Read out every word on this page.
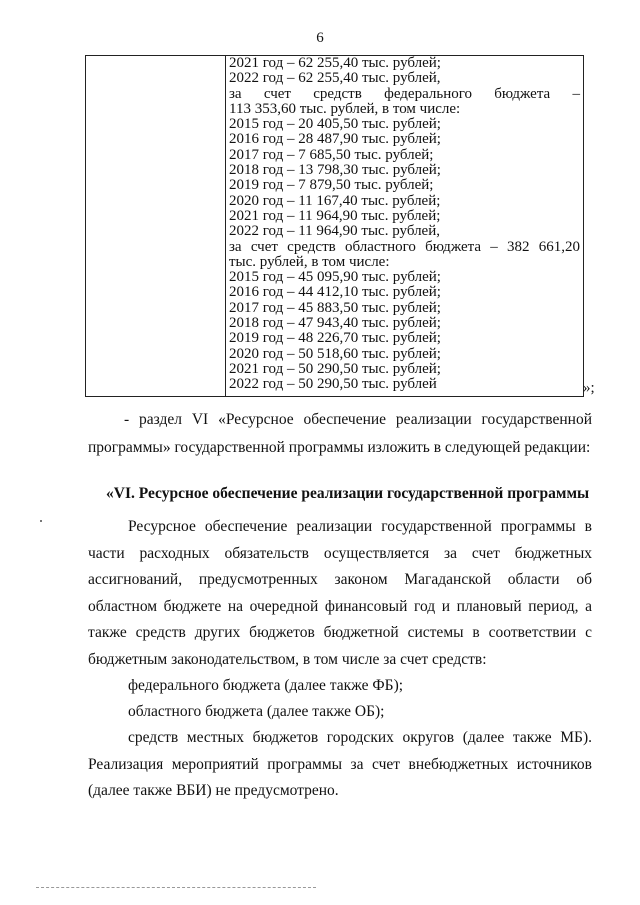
6
2021 год – 62 255,40 тыс. рублей;
2022 год – 62 255,40 тыс. рублей,
за счет средств федерального бюджета –
113 353,60 тыс. рублей, в том числе:
2015 год – 20 405,50 тыс. рублей;
2016 год – 28 487,90 тыс. рублей;
2017 год – 7 685,50 тыс. рублей;
2018 год – 13 798,30 тыс. рублей;
2019 год – 7 879,50 тыс. рублей;
2020 год – 11 167,40 тыс. рублей;
2021 год – 11 964,90 тыс. рублей;
2022 год – 11 964,90 тыс. рублей,
за счет средств областного бюджета – 382 661,20
тыс. рублей, в том числе:
2015 год – 45 095,90 тыс. рублей;
2016 год – 44 412,10 тыс. рублей;
2017 год – 45 883,50 тыс. рублей;
2018 год – 47 943,40 тыс. рублей;
2019 год – 48 226,70 тыс. рублей;
2020 год – 50 518,60 тыс. рублей;
2021 год – 50 290,50 тыс. рублей;
2022 год – 50 290,50 тыс. рублей	»;
- раздел VI «Ресурсное обеспечение реализации государственной
программы» государственной программы изложить в следующей редакции:
«VI. Ресурсное обеспечение реализации государственной программы
Ресурсное обеспечение реализации государственной программы в части расходных обязательств осуществляется за счет бюджетных ассигнований, предусмотренных законом Магаданской области об областном бюджете на очередной финансовый год и плановый период, а также средств других бюджетов бюджетной системы в соответствии с бюджетным законодательством, в том числе за счет средств:
федерального бюджета (далее также ФБ);
областного бюджета (далее также ОБ);
средств местных бюджетов городских округов (далее также МБ). Реализация мероприятий программы за счет внебюджетных источников (далее также ВБИ) не предусмотрено.
